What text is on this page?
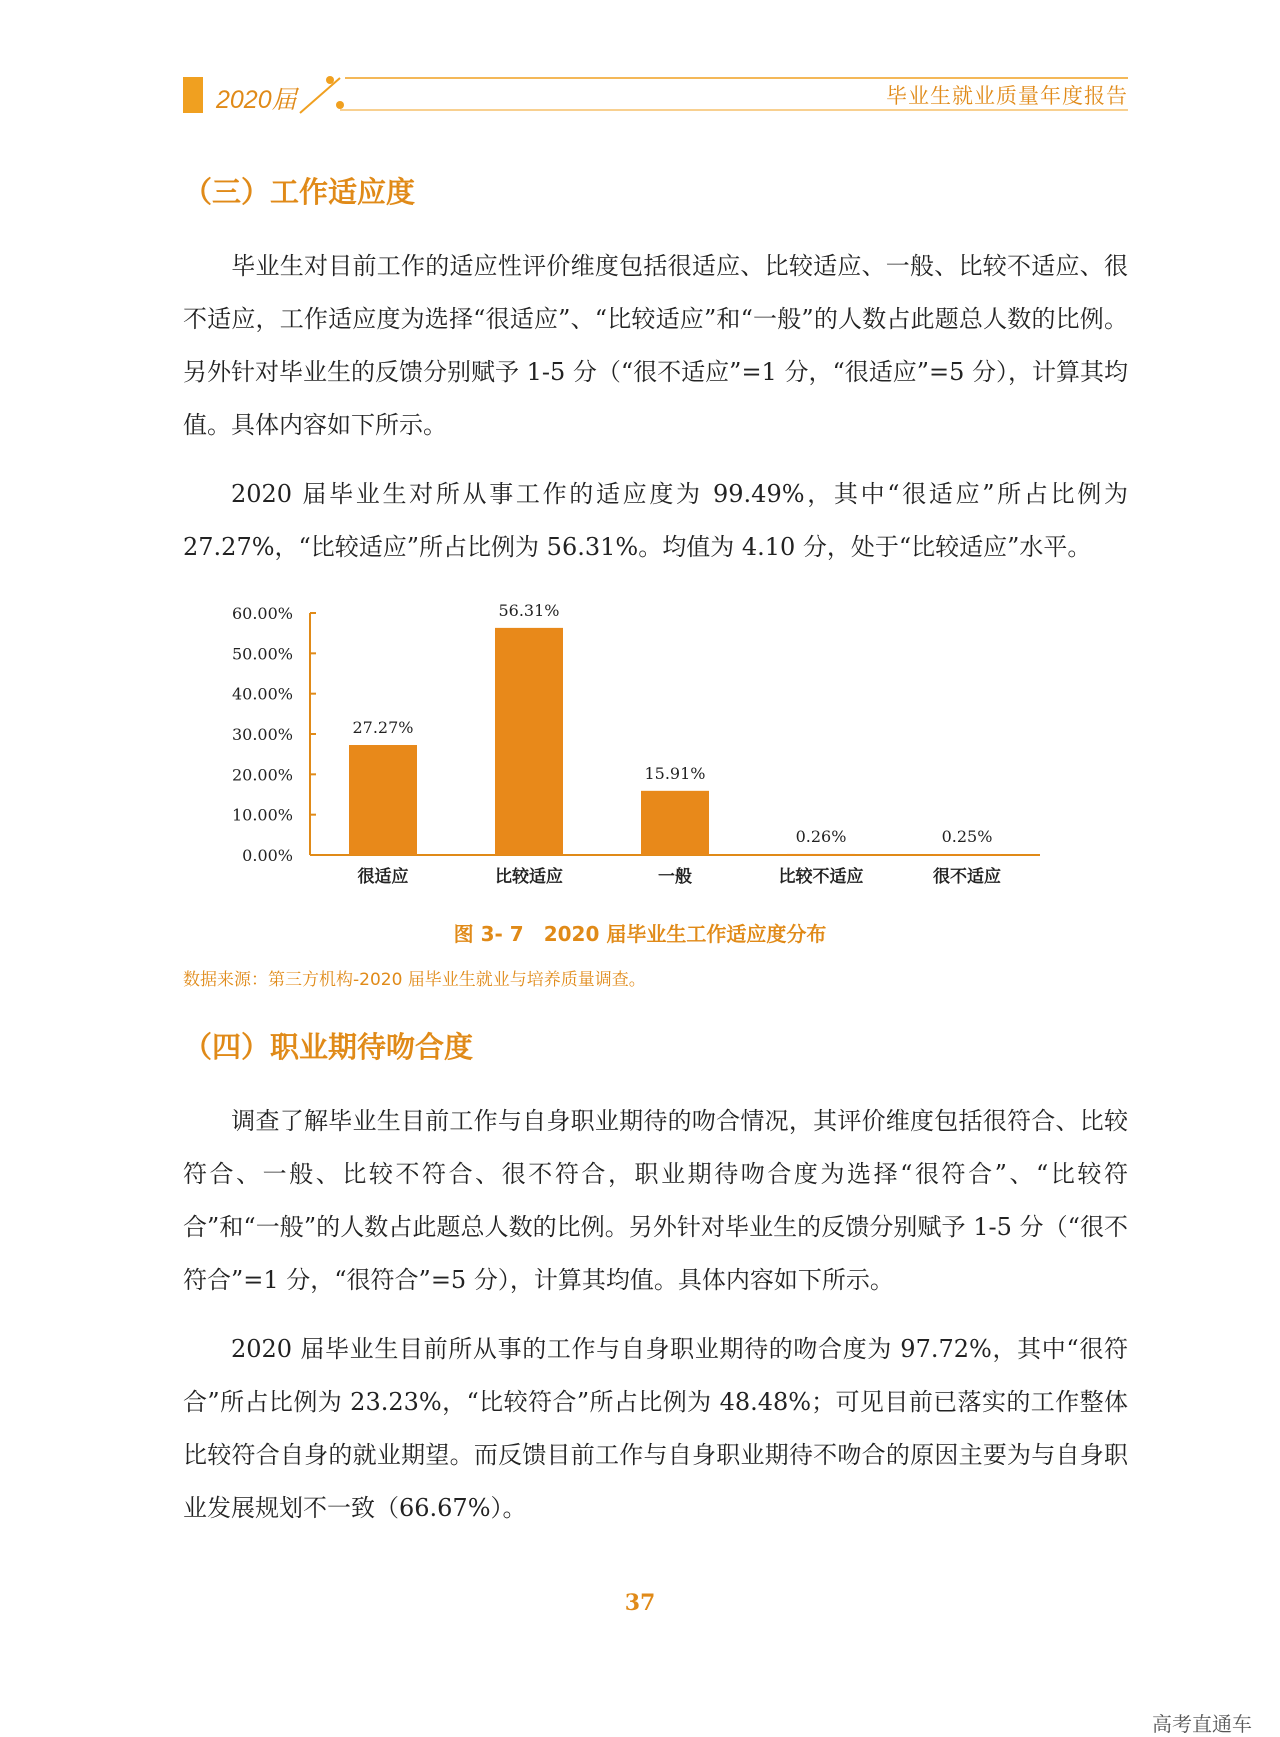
2020届	毕业生就业质量年度报告
（三）工作适应度

毕业生对目前工作的适应性评价维度包括很适应、比较适应、一般、比较不适应、很不适应，工作适应度为选择“很适应”、“比较适应”和“一般”的人数占此题总人数的比例。另外针对毕业生的反馈分别赋予 1-5 分（“很不适应”=1 分，“很适应”=5 分），计算其均值。具体内容如下所示。

2020 届毕业生对所从事工作的适应度为 99.49%，其中“很适应”所占比例为 27.27%，“比较适应”所占比例为 56.31%。均值为 4.10 分，处于“比较适应”水平。

0.00%
10.00%
20.00%
30.00%
40.00%
50.00%
60.00%
27.27%
很适应
56.31%
比较适应
15.91%
一般
0.26%
比较不适应
0.25%
很不适应
图 3- 7　2020 届毕业生工作适应度分布
数据来源：第三方机构-2020 届毕业生就业与培养质量调查。
（四）职业期待吻合度

调查了解毕业生目前工作与自身职业期待的吻合情况，其评价维度包括很符合、比较符合、一般、比较不符合、很不符合，职业期待吻合度为选择“很符合”、“比较符合”和“一般”的人数占此题总人数的比例。另外针对毕业生的反馈分别赋予 1-5 分（“很不符合”=1 分，“很符合”=5 分），计算其均值。具体内容如下所示。

2020 届毕业生目前所从事的工作与自身职业期待的吻合度为 97.72%，其中“很符合”所占比例为 23.23%，“比较符合”所占比例为 48.48%；可见目前已落实的工作整体比较符合自身的就业期望。而反馈目前工作与自身职业期待不吻合的原因主要为与自身职业发展规划不一致（66.67%）。

37
高考直通车
